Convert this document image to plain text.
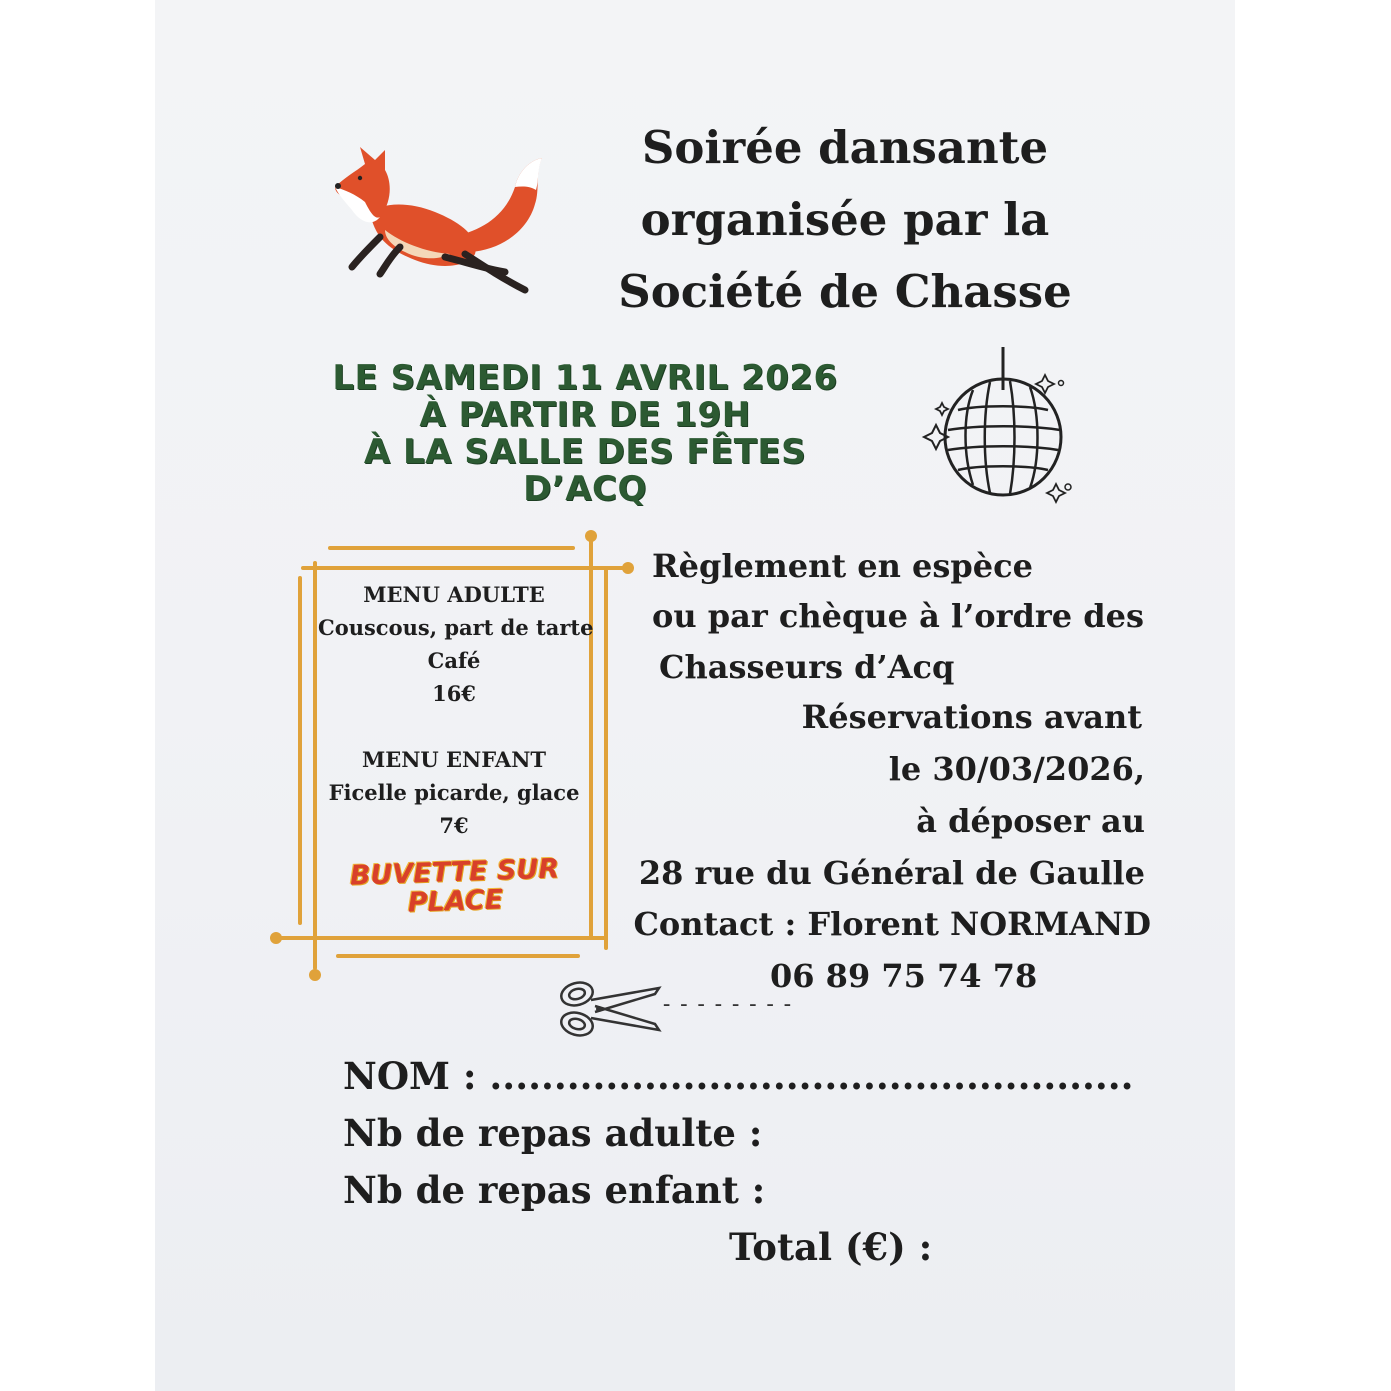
Soirée dansante
organisée par la
Société de Chasse
LE SAMEDI 11 AVRIL 2026
À PARTIR DE 19H
À LA SALLE DES FÊTES
D’ACQ
MENU ADULTE
Couscous, part de tarte
Café
16€
MENU ENFANT
Ficelle picarde, glace
7€
BUVETTE SUR
PLACE
Règlement en espèce
ou par chèque à l’ordre des
Chasseurs d’Acq
Réservations avant
le 30/03/2026,
à déposer au
28 rue du Général de Gaulle
Contact : Florent NORMAND
06 89 75 74 78
--------
NOM : ..................................................
Nb de repas adulte :
Nb de repas enfant :
Total (€) :
